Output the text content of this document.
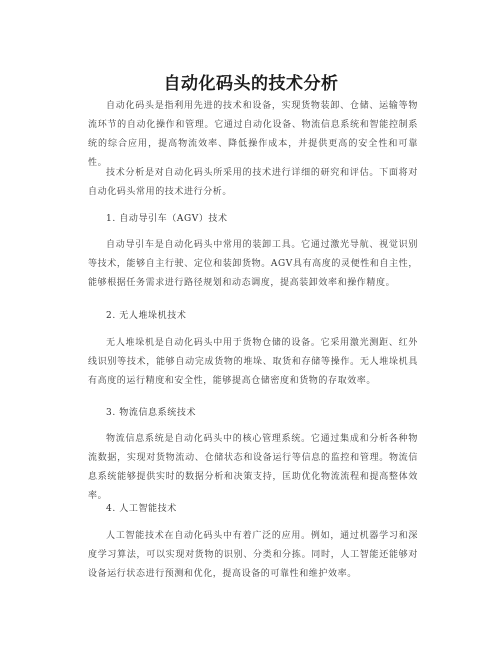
自动化码头的技术分析

自动化码头是指利用先进的技术和设备，实现货物装卸、仓储、运输等物流环节的自动化操作和管理。它通过自动化设备、物流信息系统和智能控制系统的综合应用，提高物流效率、降低操作成本，并提供更高的安全性和可靠性。

技术分析是对自动化码头所采用的技术进行详细的研究和评估。下面将对自动化码头常用的技术进行分析。

1. 自动导引车（AGV）技术

自动导引车是自动化码头中常用的装卸工具。它通过激光导航、视觉识别等技术，能够自主行驶、定位和装卸货物。AGV具有高度的灵便性和自主性，能够根据任务需求进行路径规划和动态调度，提高装卸效率和操作精度。

2. 无人堆垛机技术

无人堆垛机是自动化码头中用于货物仓储的设备。它采用激光测距、红外线识别等技术，能够自动完成货物的堆垛、取货和存储等操作。无人堆垛机具有高度的运行精度和安全性，能够提高仓储密度和货物的存取效率。

3. 物流信息系统技术

物流信息系统是自动化码头中的核心管理系统。它通过集成和分析各种物流数据，实现对货物流动、仓储状态和设备运行等信息的监控和管理。物流信息系统能够提供实时的数据分析和决策支持，匡助优化物流流程和提高整体效率。

4. 人工智能技术

人工智能技术在自动化码头中有着广泛的应用。例如，通过机器学习和深度学习算法，可以实现对货物的识别、分类和分拣。同时，人工智能还能够对设备运行状态进行预测和优化，提高设备的可靠性和维护效率。
